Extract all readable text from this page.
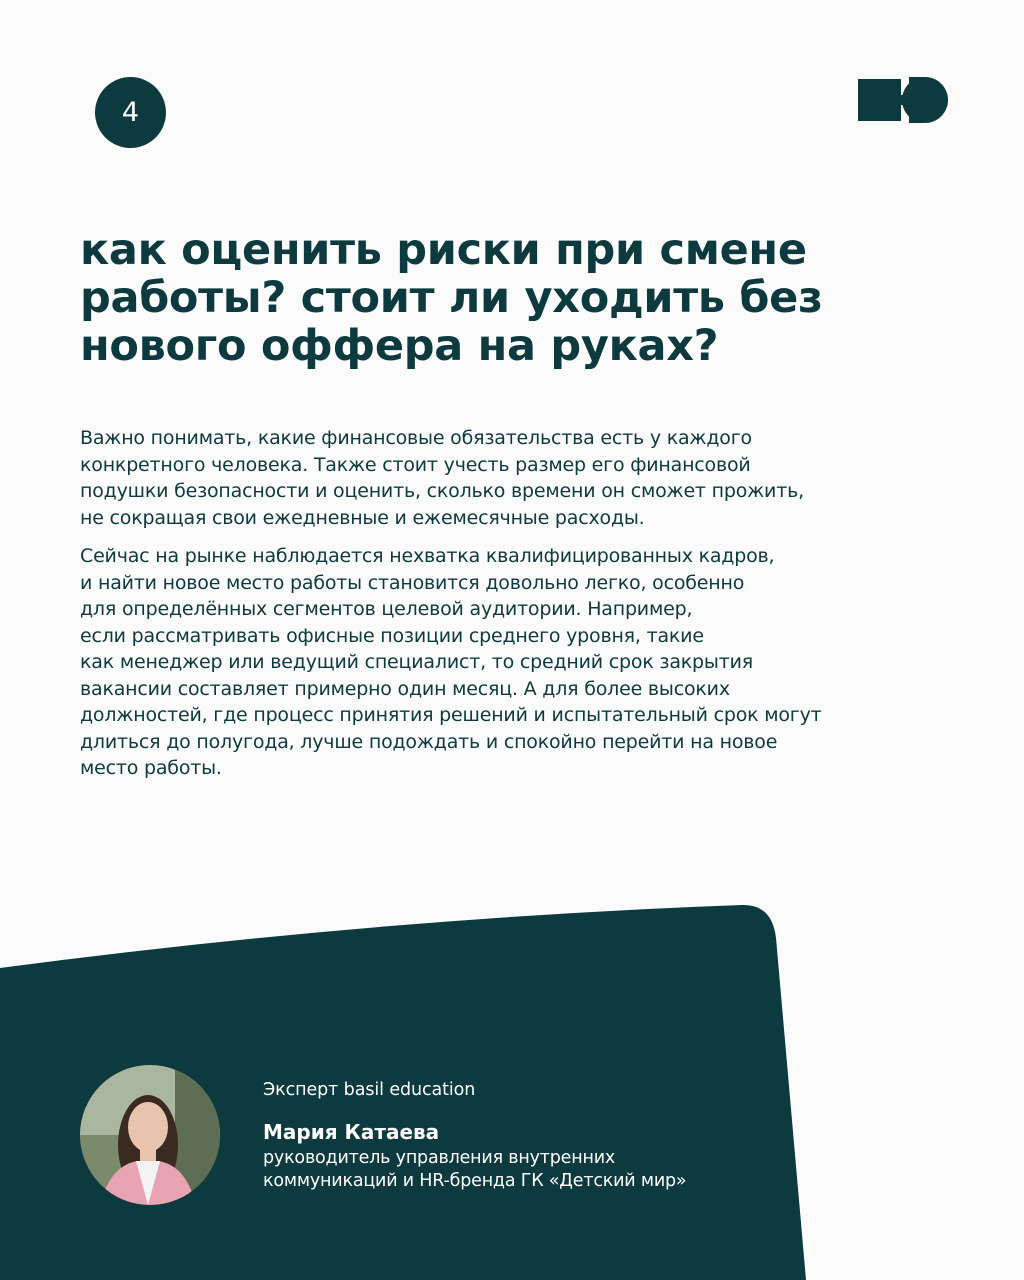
4
как оценить риски при смене
работы? стоит ли уходить без
нового оффера на руках?

Важно понимать, какие финансовые обязательства есть у каждого
конкретного человека. Также стоит учесть размер его финансовой
подушки безопасности и оценить, сколько времени он сможет прожить,
не сокращая свои ежедневные и ежемесячные расходы.

Сейчас на рынке наблюдается нехватка квалифицированных кадров,
и найти новое место работы становится довольно легко, особенно
для определённых сегментов целевой аудитории. Например,
если рассматривать офисные позиции среднего уровня, такие
как менеджер или ведущий специалист, то средний срок закрытия
вакансии составляет примерно один месяц. А для более высоких
должностей, где процесс принятия решений и испытательный срок могут
длиться до полугода, лучше подождать и спокойно перейти на новое
место работы.

Эксперт basil education
Мария Катаева
руководитель управления внутренних
коммуникаций и HR-бренда ГК «Детский мир»
